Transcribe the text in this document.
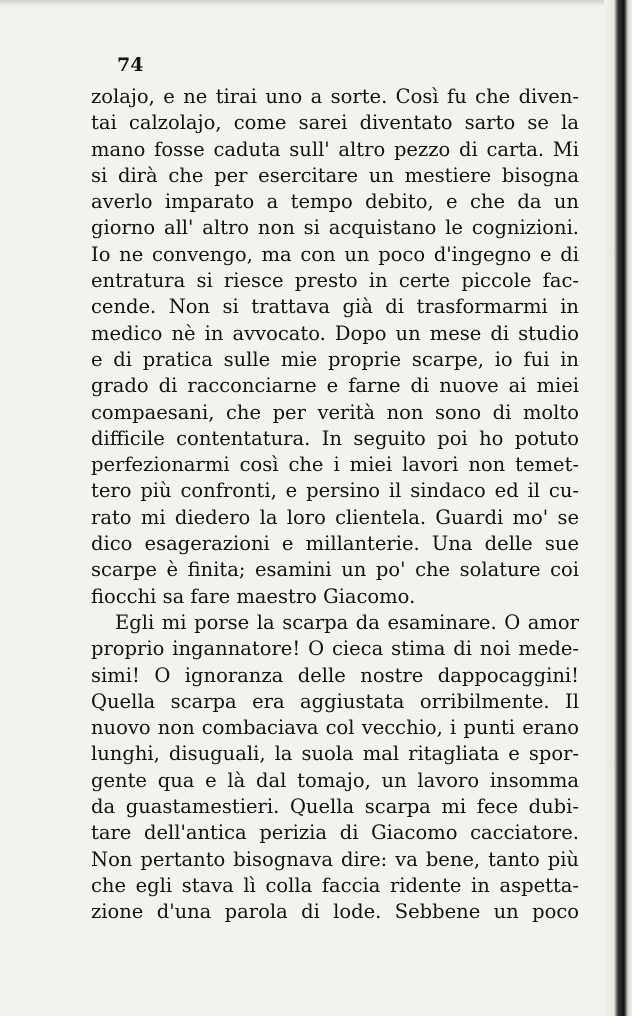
74
zolajo, e ne tirai uno a sorte. Così fu che diven-
tai calzolajo, come sarei diventato sarto se la
mano fosse caduta sull' altro pezzo di carta. Mi
si dirà che per esercitare un mestiere bisogna
averlo imparato a tempo debito, e che da un
giorno all' altro non si acquistano le cognizioni.
Io ne convengo, ma con un poco d'ingegno e di
entratura si riesce presto in certe piccole fac-
cende. Non si trattava già di trasformarmi in
medico nè in avvocato. Dopo un mese di studio
e di pratica sulle mie proprie scarpe, io fui in
grado di racconciarne e farne di nuove ai miei
compaesani, che per verità non sono di molto
difficile contentatura. In seguito poi ho potuto
perfezionarmi così che i miei lavori non temet-
tero più confronti, e persino il sindaco ed il cu-
rato mi diedero la loro clientela. Guardi mo' se
dico esagerazioni e millanterie. Una delle sue
scarpe è finita; esamini un po' che solature coi
fiocchi sa fare maestro Giacomo.
Egli mi porse la scarpa da esaminare. O amor
proprio ingannatore! O cieca stima di noi mede-
simi! O ignoranza delle nostre dappocaggini!
Quella scarpa era aggiustata orribilmente. Il
nuovo non combaciava col vecchio, i punti erano
lunghi, disuguali, la suola mal ritagliata e spor-
gente qua e là dal tomajo, un lavoro insomma
da guastamestieri. Quella scarpa mi fece dubi-
tare dell'antica perizia di Giacomo cacciatore.
Non pertanto bisognava dire: va bene, tanto più
che egli stava lì colla faccia ridente in aspetta-
zione d'una parola di lode. Sebbene un poco
